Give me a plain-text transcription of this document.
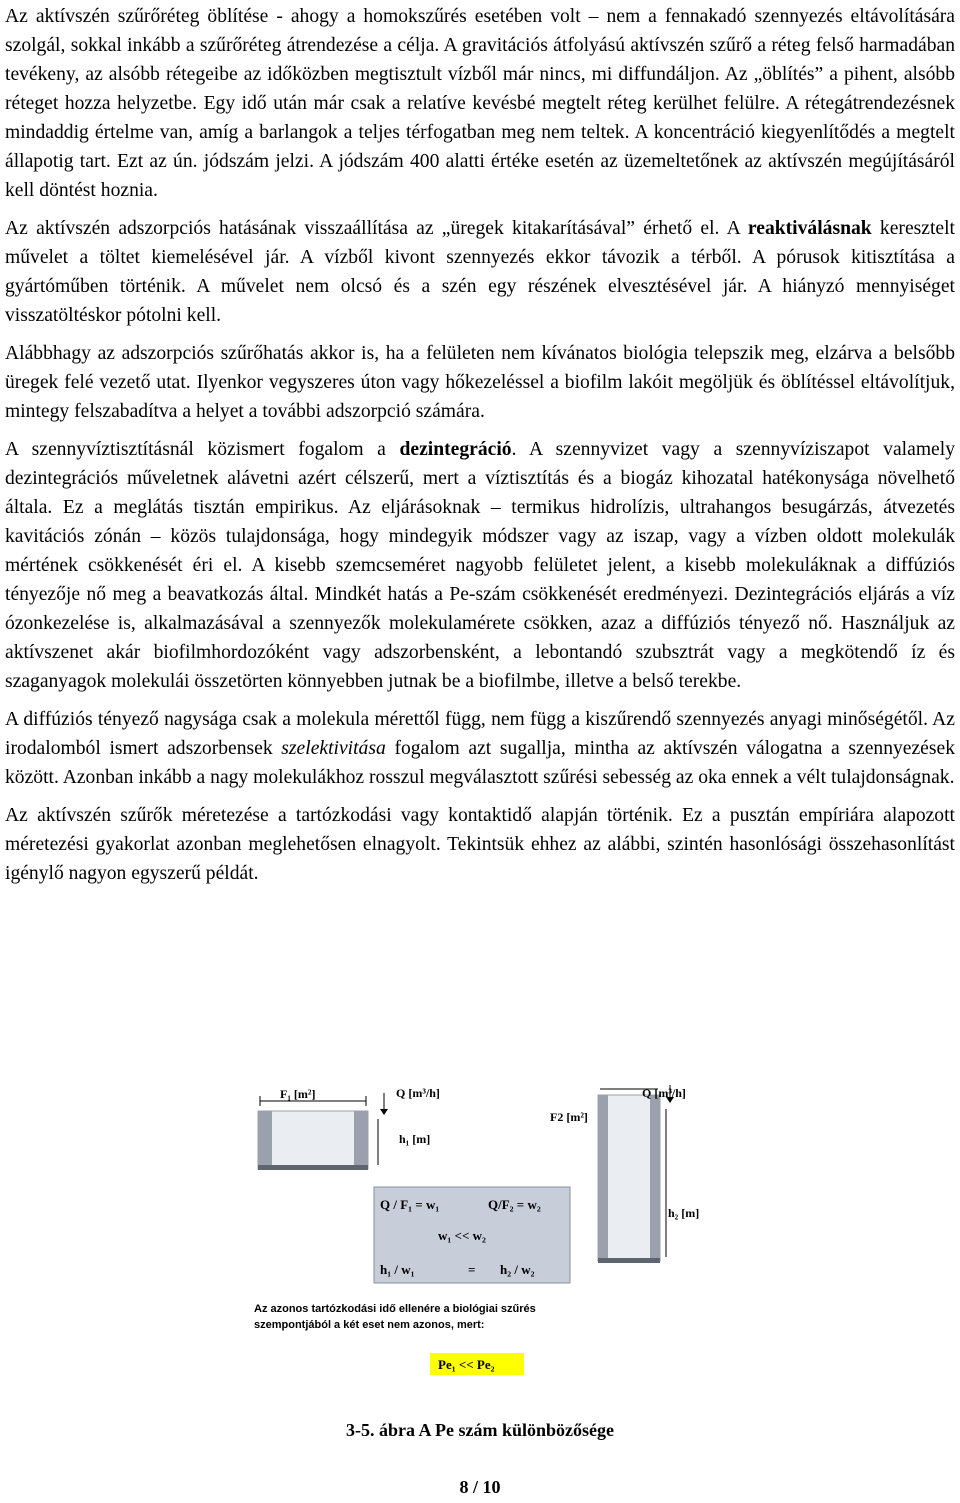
Az aktívszén szűrőréteg öblítése - ahogy a homokszűrés esetében volt – nem a fennakadó szennyezés eltávolítására szolgál, sokkal inkább a szűrőréteg átrendezése a célja. A gravitációs átfolyású aktívszén szűrő a réteg felső harmadában tevékeny, az alsóbb rétegeibe az időközben megtisztult vízből már nincs, mi diffundáljon. Az „öblítés” a pihent, alsóbb réteget hozza helyzetbe. Egy idő után már csak a relatíve kevésbé megtelt réteg kerülhet felülre. A rétegátrendezésnek mindaddig értelme van, amíg a barlangok a teljes térfogatban meg nem teltek. A koncentráció kiegyenlítődés a megtelt állapotig tart. Ezt az ún. jódszám jelzi. A jódszám 400 alatti értéke esetén az üzemeltetőnek az aktívszén megújításáról kell döntést hoznia.

Az aktívszén adszorpciós hatásának visszaállítása az „üregek kitakarításával” érhető el. A reaktiválásnak keresztelt művelet a töltet kiemelésével jár. A vízből kivont szennyezés ekkor távozik a térből. A pórusok kitisztítása a gyártóműben történik. A művelet nem olcsó és a szén egy részének elvesztésével jár. A hiányzó mennyiséget visszatöltéskor pótolni kell.

Alábbhagy az adszorpciós szűrőhatás akkor is, ha a felületen nem kívánatos biológia telepszik meg, elzárva a belsőbb üregek felé vezető utat. Ilyenkor vegyszeres úton vagy hőkezeléssel a biofilm lakóit megöljük és öblítéssel eltávolítjuk, mintegy felszabadítva a helyet a további adszorpció számára.

A szennyvíztisztításnál közismert fogalom a dezintegráció. A szennyvizet vagy a szennyvíziszapot valamely dezintegrációs műveletnek alávetni azért célszerű, mert a víztisztítás és a biogáz kihozatal hatékonysága növelhető általa. Ez a meglátás tisztán empirikus. Az eljárásoknak – termikus hidrolízis, ultrahangos besugárzás, átvezetés kavitációs zónán – közös tulajdonsága, hogy mindegyik módszer vagy az iszap, vagy a vízben oldott molekulák mértének csökkenését éri el. A kisebb szemcseméret nagyobb felületet jelent, a kisebb molekuláknak a diffúziós tényezője nő meg a beavatkozás által. Mindkét hatás a Pe-szám csökkenését eredményezi. Dezintegrációs eljárás a víz ózonkezelése is, alkalmazásával a szennyezők molekulamérete csökken, azaz a diffúziós tényező nő. Használjuk az aktívszenet akár biofilmhordozóként vagy adszorbensként, a lebontandó szubsztrát vagy a megkötendő íz és szaganyagok molekulái összetörten könnyebben jutnak be a biofilmbe, illetve a belső terekbe.

A diffúziós tényező nagysága csak a molekula mérettől függ, nem függ a kiszűrendő szennyezés anyagi minőségétől. Az irodalomból ismert adszorbensek szelektivitása fogalom azt sugallja, mintha az aktívszén válogatna a szennyezések között. Azonban inkább a nagy molekulákhoz rosszul megválasztott szűrési sebesség az oka ennek a vélt tulajdonságnak.

Az aktívszén szűrők méretezése a tartózkodási vagy kontaktidő alapján történik. Ez a pusztán empíriára alapozott méretezési gyakorlat azonban meglehetősen elnagyolt. Tekintsük ehhez az alábbi, szintén hasonlósági összehasonlítást igénylő nagyon egyszerű példát.

F₁ [m²]	Q [m³/h]
h₁ [m]
F2 [m²]
Q [m³/h]
h₂ [m]
Q / F₁ = w₁	Q/F₂ = w₂
w₁ << w₂
h₁ / w₁	= h₂ / w₂
Az azonos tartózkodási idő ellenére a biológiai szűrés
szempontjából a két eset nem azonos, mert:
Pe₁ << Pe₂
3-5. ábra A Pe szám különbözősége
8 / 10
